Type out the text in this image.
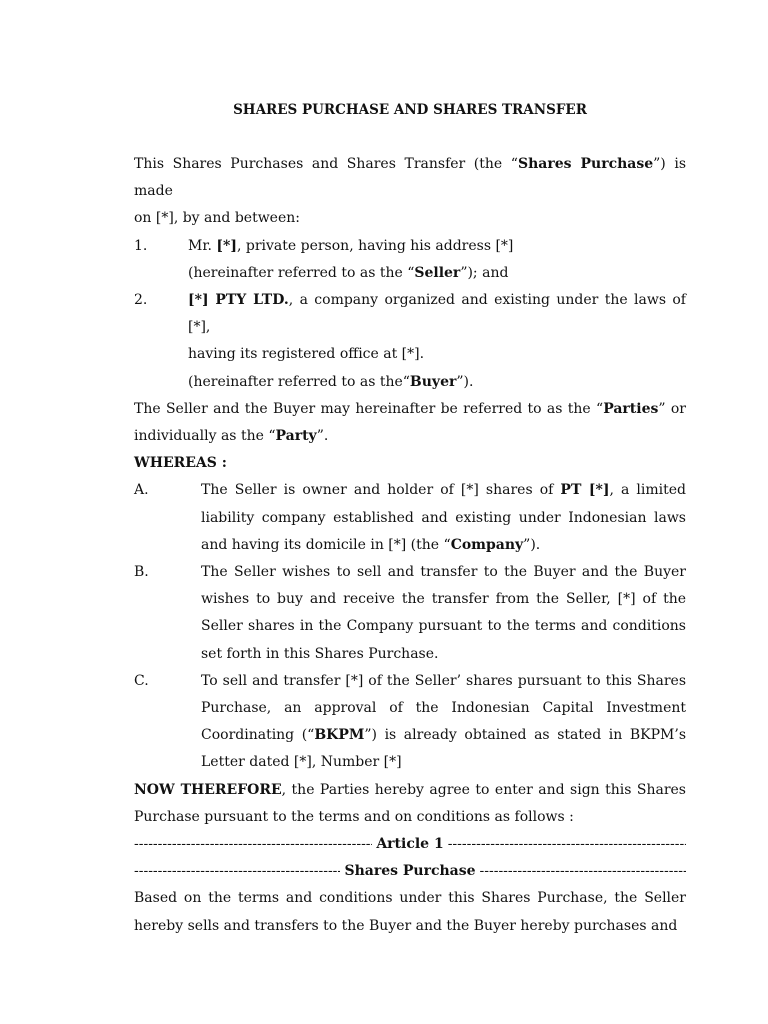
SHARES PURCHASE AND SHARES TRANSFER

This Shares Purchases and Shares Transfer (the “Shares Purchase”) is made

on [*], by and between:

1.	Mr. [*], private person, having his address [*]

(hereinafter referred to as the “Seller”); and

2.	[*] PTY LTD., a company organized and existing under the laws of [*],

having its registered office at [*].

(hereinafter referred to as the“Buyer”).

The Seller and the Buyer may hereinafter be referred to as the “Parties” or

individually as the “Party”.

WHEREAS :

A.	The Seller is owner and holder of [*] shares of PT [*], a limited liability company established and existing under Indonesian laws and having its domicile in [*] (the “Company”).
B.	The Seller wishes to sell and transfer to the Buyer and the Buyer wishes to buy and receive the transfer from the Seller, [*] of the Seller shares in the Company pursuant to the terms and conditions set forth in this Shares Purchase.
C.	To sell and transfer [*] of the Seller’ shares pursuant to this Shares Purchase, an approval of the Indonesian Capital Investment Coordinating (“BKPM”) is already obtained as stated in BKPM’s Letter dated [*], Number [*]

NOW THEREFORE, the Parties hereby agree to enter and sign this Shares Purchase pursuant to the terms and on conditions as follows :

-----
Article 1
-----
-----
Shares Purchase
-----

Based on the terms and conditions under this Shares Purchase, the Seller hereby sells and transfers to the Buyer and the Buyer hereby purchases and
